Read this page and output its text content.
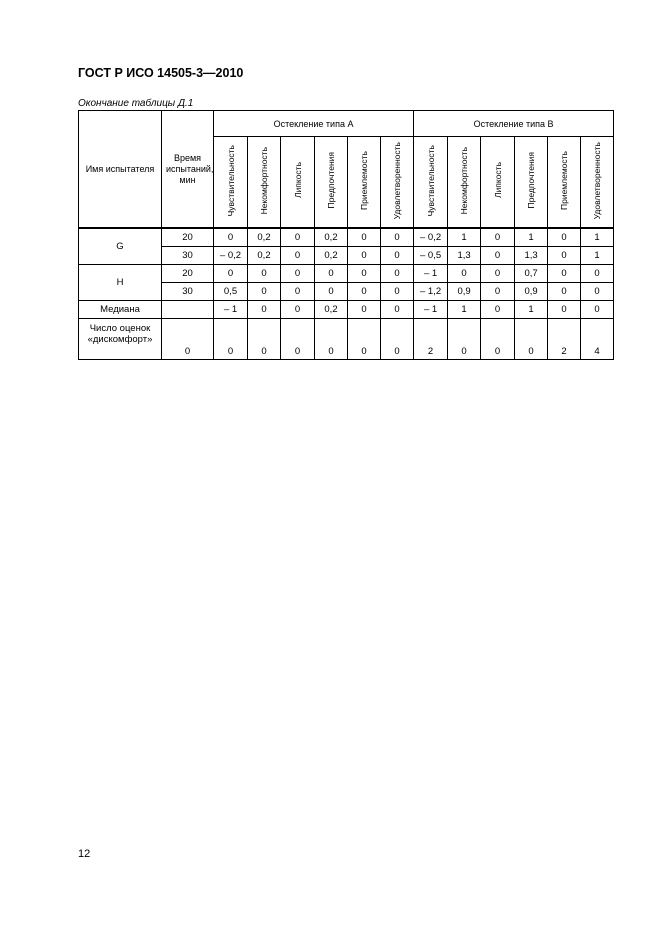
ГОСТ Р ИСО 14505-3—2010
Окончание таблицы Д.1
Имя испытателя	Время испытаний, мин	Остекление типа A						Остекление типа B					
		Чувствительность	Некомфортность	Липкость	Предпочтения	Приемлемость	Удовлетворенность	Чувствительность	Некомфортность	Липкость	Предпочтения	Приемлемость	Удовлетворенность
G	20	0	0,2	0	0,2	0	0	– 0,2	1	0	1	0	1
	30	– 0,2	0,2	0	0,2	0	0	– 0,5	1,3	0	1,3	0	1
H	20	0	0	0	0	0	0	– 1	0	0	0,7	0	0
	30	0,5	0	0	0	0	0	– 1,2	0,9	0	0,9	0	0
Медиана		– 1	0	0	0,2	0	0	– 1	1	0	1	0	0
Число оценок «дискомфорт»	0	0	0	0	0	0	0	2	0	0	0	2	4
12
